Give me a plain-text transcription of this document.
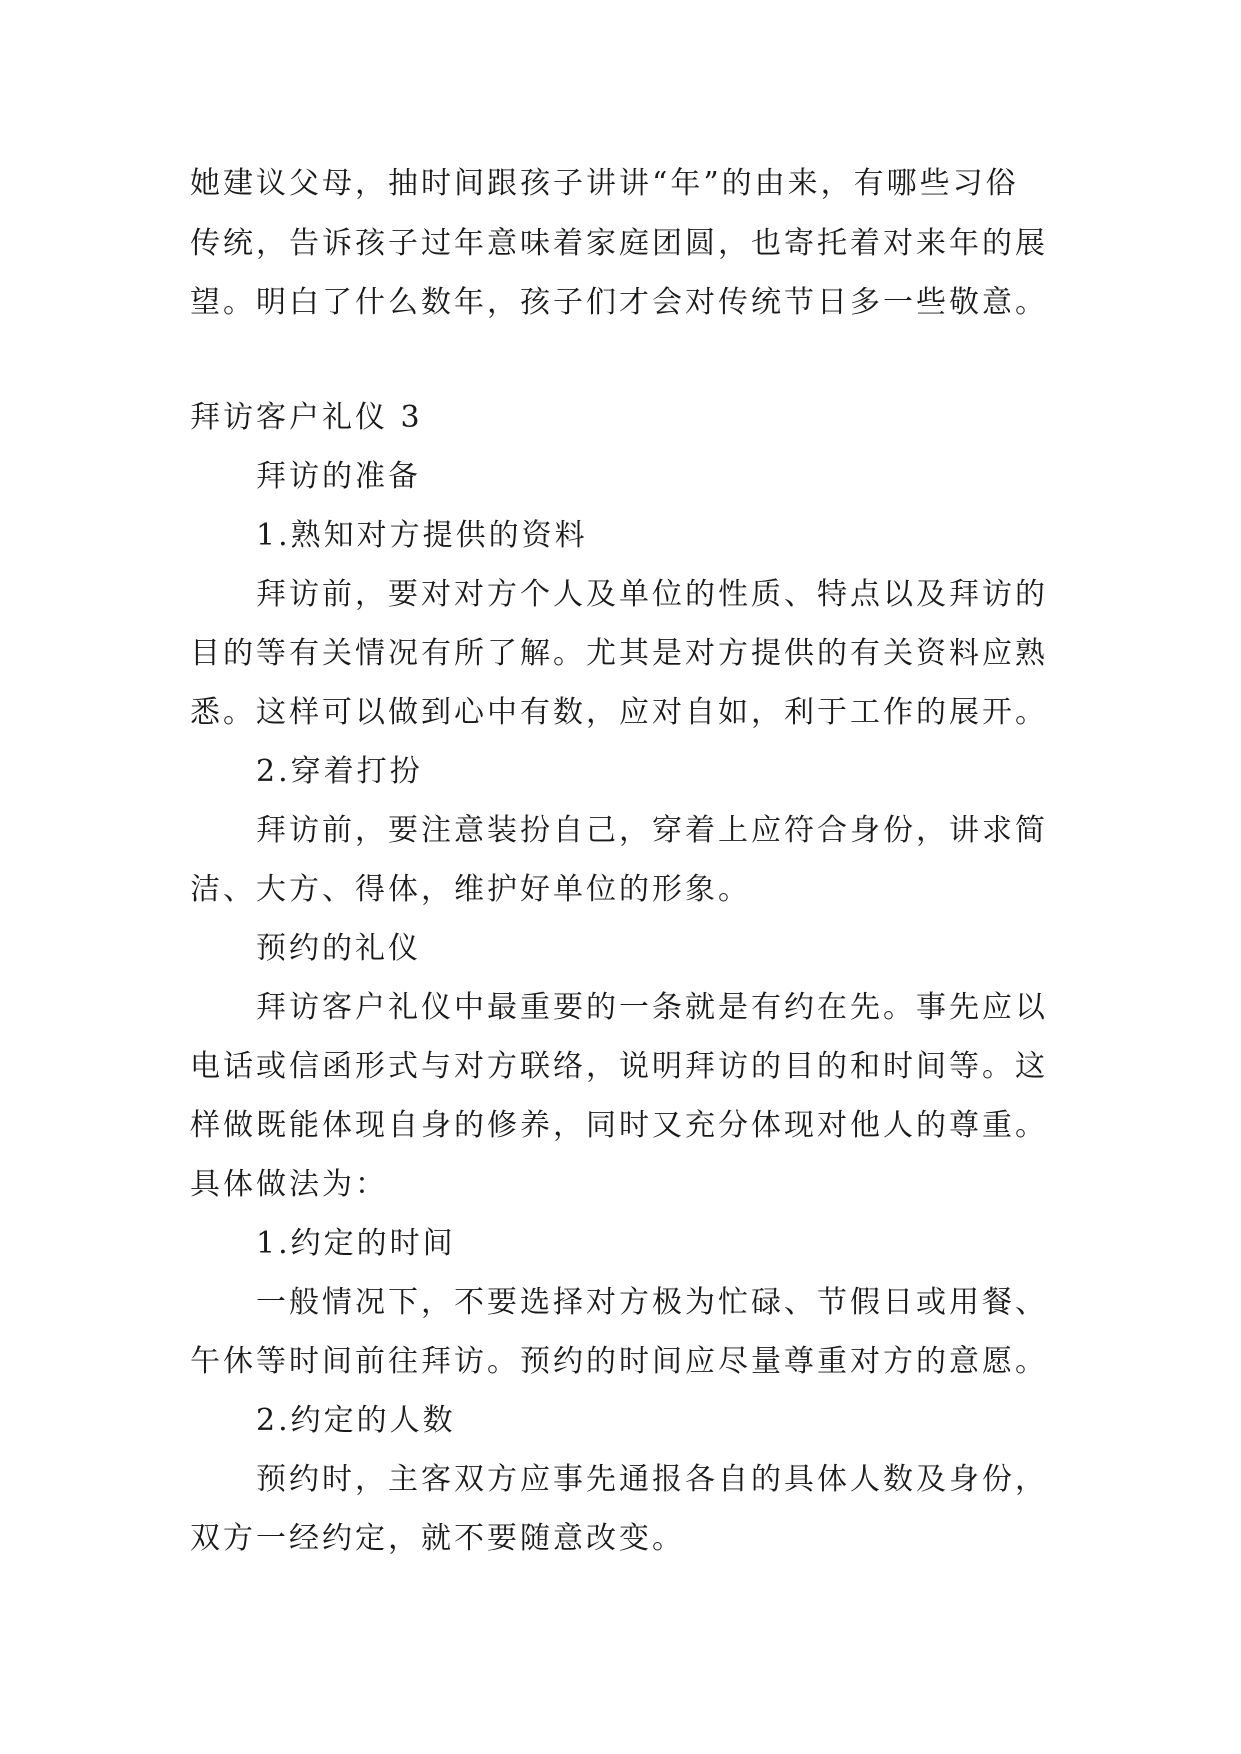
她建议父母，抽时间跟孩子讲讲“年”的由来，有哪些习俗
传统，告诉孩子过年意味着家庭团圆，也寄托着对来年的展
望。明白了什么数年，孩子们才会对传统节日多一些敬意。
拜访客户礼仪 3
拜访的准备
1.熟知对方提供的资料
拜访前，要对对方个人及单位的性质、特点以及拜访的
目的等有关情况有所了解。尤其是对方提供的有关资料应熟
悉。这样可以做到心中有数，应对自如，利于工作的展开。
2.穿着打扮
拜访前，要注意装扮自己，穿着上应符合身份，讲求简
洁、大方、得体，维护好单位的形象。
预约的礼仪
拜访客户礼仪中最重要的一条就是有约在先。事先应以
电话或信函形式与对方联络，说明拜访的目的和时间等。这
样做既能体现自身的修养，同时又充分体现对他人的尊重。
具体做法为：
1.约定的时间
一般情况下，不要选择对方极为忙碌、节假日或用餐、
午休等时间前往拜访。预约的时间应尽量尊重对方的意愿。
2.约定的人数
预约时，主客双方应事先通报各自的具体人数及身份，
双方一经约定，就不要随意改变。
